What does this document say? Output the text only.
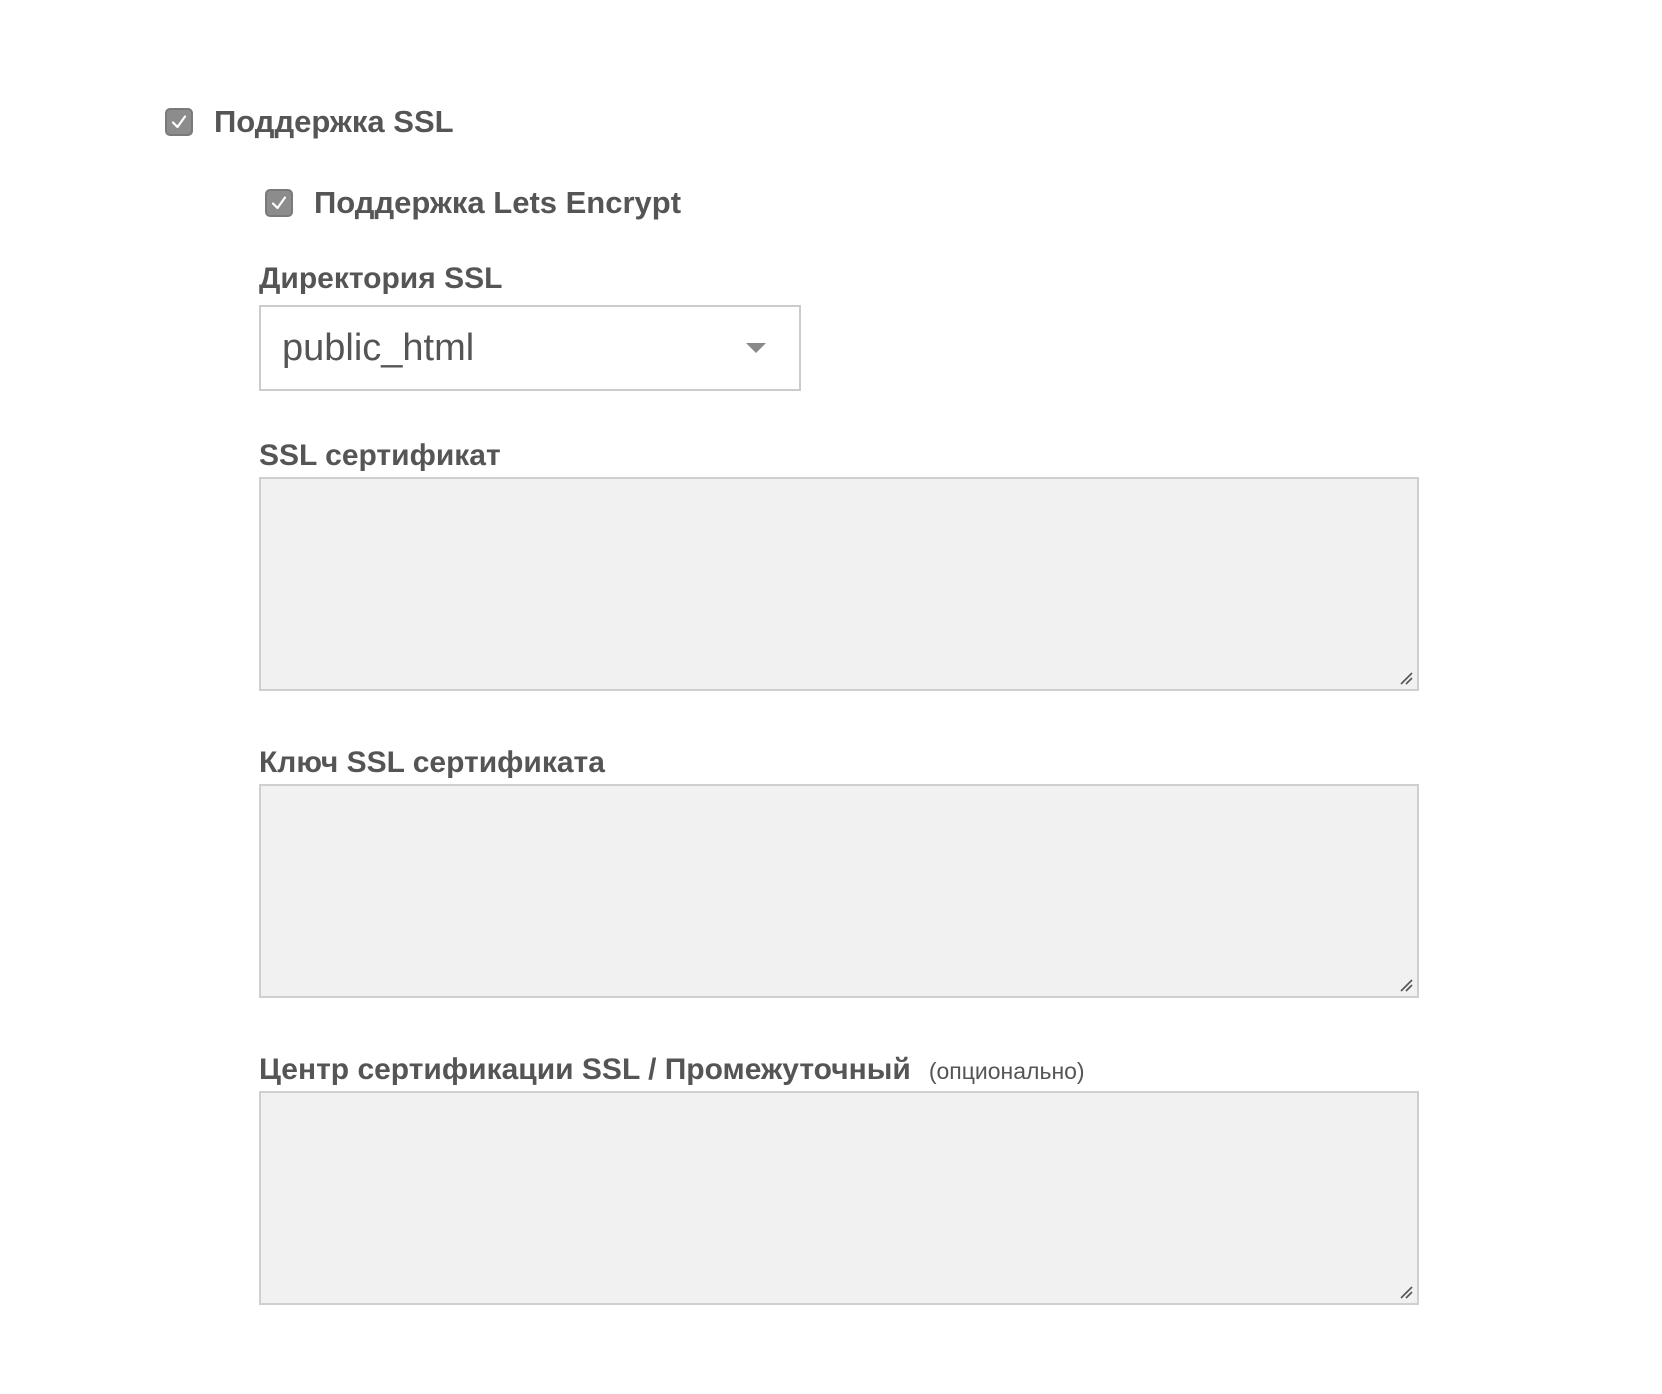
Поддержка SSL
Поддержка Lets Encrypt
Директория SSL
public_html
SSL сертификат
Ключ SSL сертификата
Центр сертификации SSL / Промежуточный (опционально)
